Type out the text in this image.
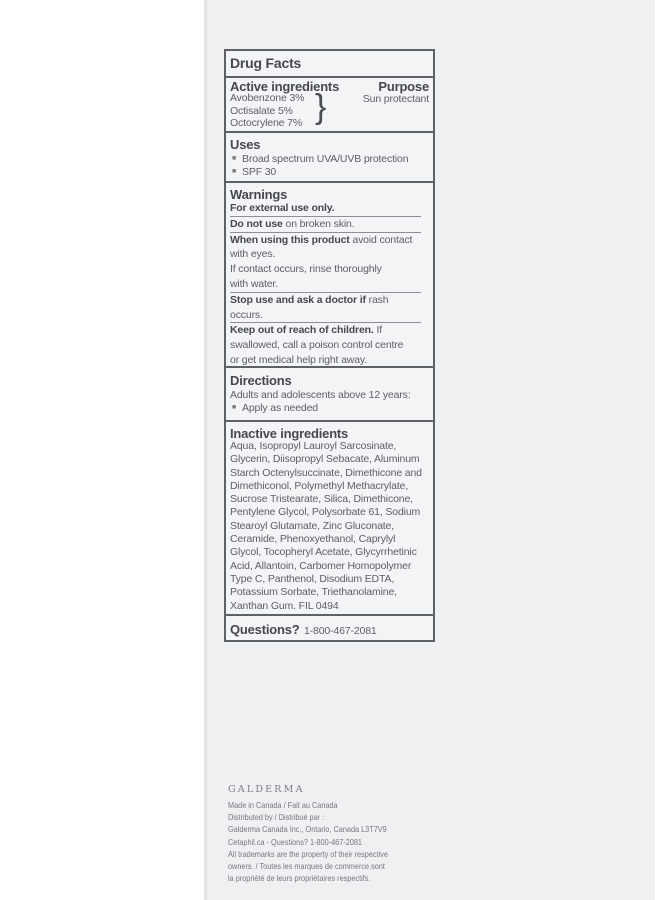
Drug Facts
Active ingredients	Purpose
Avobenzone 3%
Octisalate 5%
Octocrylene 7% }	Sun protectant
Uses
■ Broad spectrum UVA/UVB protection
■ SPF 30
Warnings
For external use only.
Do not use on broken skin.
When using this product avoid contact
with eyes.
If contact occurs, rinse thoroughly
with water.
Stop use and ask a doctor if rash
occurs.
Keep out of reach of children. If
swallowed, call a poison control centre
or get medical help right away.
Directions
Adults and adolescents above 12 years:
■ Apply as needed
Inactive ingredients
Aqua, Isopropyl Lauroyl Sarcosinate,
Glycerin, Diisopropyl Sebacate, Aluminum
Starch Octenylsuccinate, Dimethicone and
Dimethiconol, Polymethyl Methacrylate,
Sucrose Tristearate, Silica, Dimethicone,
Pentylene Glycol, Polysorbate 61, Sodium
Stearoyl Glutamate, Zinc Gluconate,
Ceramide, Phenoxyethanol, Caprylyl
Glycol, Tocopheryl Acetate, Glycyrrhetinic
Acid, Allantoin, Carbomer Homopolymer
Type C, Panthenol, Disodium EDTA,
Potassium Sorbate, Triethanolamine,
Xanthan Gum. FIL 0494
Questions? 1-800-467-2081
GALDERMA
Made in Canada / Fait au Canada
Distributed by / Distribué par :
Galderma Canada Inc., Ontario, Canada L3T7V9
Cetaphil.ca - Questions? 1-800-467-2081
All trademarks are the property of their respective
owners. / Toutes les marques de commerce sont
la propriété de leurs propriétaires respectifs.
